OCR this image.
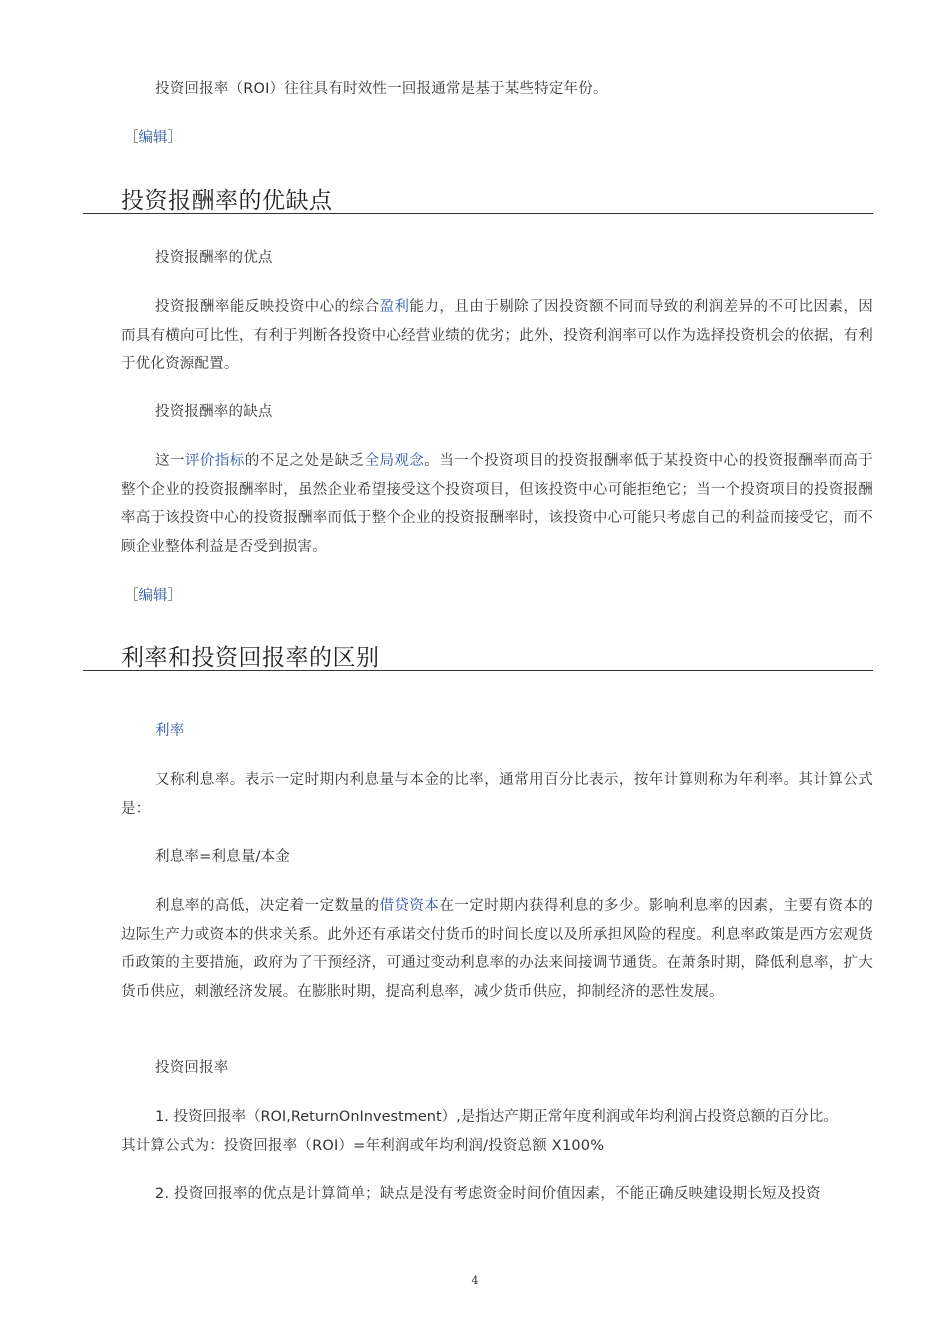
投资回报率（ROI）往往具有时效性一回报通常是基于某些特定年份。

［编辑］
投资报酬率的优缺点

投资报酬率的优点

投资报酬率能反映投资中心的综合盈利能力，且由于剔除了因投资额不同而导致的利润差异的不可比因素，因而具有横向可比性，有利于判断各投资中心经营业绩的优劣；此外，投资利润率可以作为选择投资机会的依据，有利于优化资源配置。

投资报酬率的缺点

这一评价指标的不足之处是缺乏全局观念。当一个投资项目的投资报酬率低于某投资中心的投资报酬率而高于整个企业的投资报酬率时，虽然企业希望接受这个投资项目，但该投资中心可能拒绝它；当一个投资项目的投资报酬率高于该投资中心的投资报酬率而低于整个企业的投资报酬率时，该投资中心可能只考虑自己的利益而接受它，而不顾企业整体利益是否受到损害。

［编辑］
利率和投资回报率的区别

利率

又称利息率。表示一定时期内利息量与本金的比率，通常用百分比表示，按年计算则称为年利率。其计算公式是：

利息率=利息量/本金

利息率的高低，决定着一定数量的借贷资本在一定时期内获得利息的多少。影响利息率的因素，主要有资本的边际生产力或资本的供求关系。此外还有承诺交付货币的时间长度以及所承担风险的程度。利息率政策是西方宏观货币政策的主要措施，政府为了干预经济，可通过变动利息率的办法来间接调节通货。在萧条时期，降低利息率，扩大货币供应，刺激经济发展。在膨胀时期，提高利息率，减少货币供应，抑制经济的恶性发展。

投资回报率

1. 投资回报率（ROI,ReturnOnInvestment）,是指达产期正常年度利润或年均利润占投资总额的百分比。

其计算公式为：投资回报率（ROI）=年利润或年均利润/投资总额 X100%

2. 投资回报率的优点是计算简单；缺点是没有考虑资金时间价值因素，不能正确反映建设期长短及投资

4
